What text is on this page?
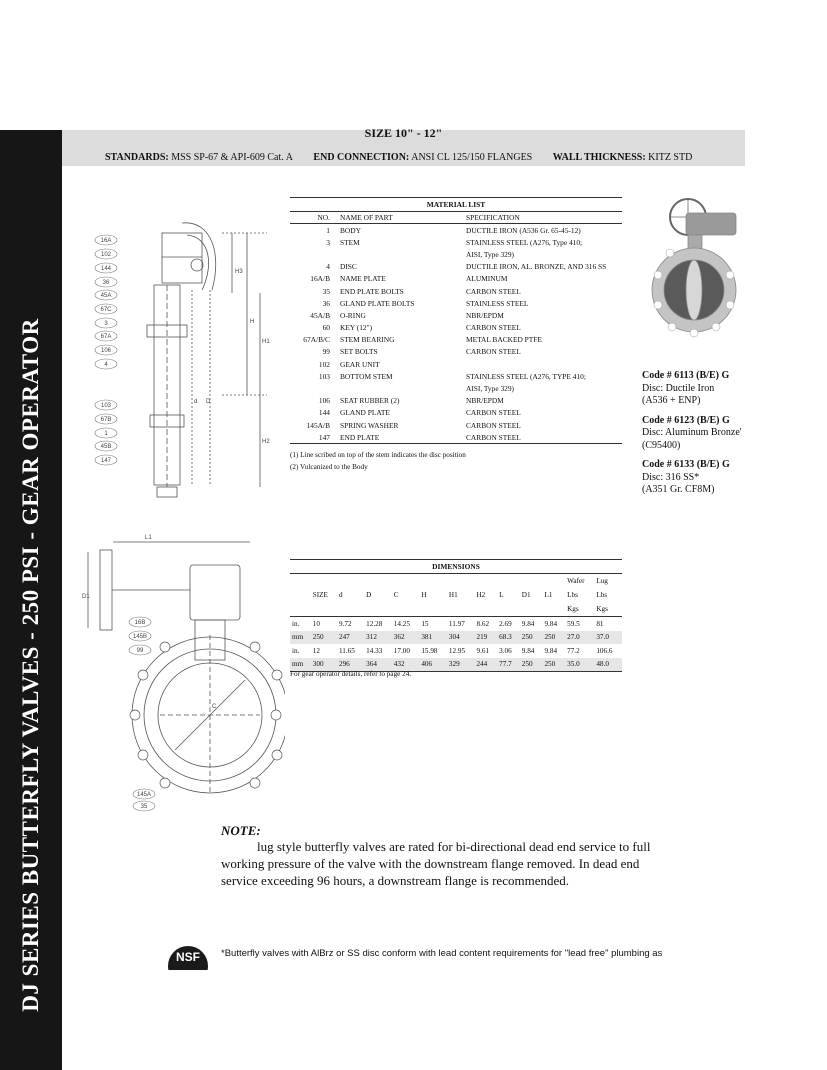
DJ SERIES BUTTERFLY VALVES - 250 PSI - GEAR OPERATOR
SIZE 10" - 12"
STANDARDS: MSS SP-67 & API-609 Cat. A END CONNECTION: ANSI CL 125/150 FLANGES WALL THICKNESS: KITZ STD
16A
102
144
36
45A
67C
3
67A
106
4
103
67B
1
45B
147
H3
H
H1
H2
d D
MATERIAL LIST
NO.	NAME OF PART	SPECIFICATION
1	BODY	DUCTILE IRON (A536 Gr. 65-45-12)
3	STEM	STAINLESS STEEL (A276, Type 410;
		AISI, Type 329)
4	DISC	DUCTILE IRON, AL. BRONZE, AND 316 SS
16A/B	NAME PLATE	ALUMINUM
35	END PLATE BOLTS	CARBON STEEL
36	GLAND PLATE BOLTS	STAINLESS STEEL
45A/B	O-RING	NBR/EPDM
60	KEY (12")	CARBON STEEL
67A/B/C	STEM BEARING	METAL BACKED PTFE
99	SET BOLTS	CARBON STEEL
102	GEAR UNIT	
103	BOTTOM STEM	STAINLESS STEEL (A276, TYPE 410;
		AISI, Type 329)
106	SEAT RUBBER (2)	NBR/EPDM
144	GLAND PLATE	CARBON STEEL
145A/B	SPRING WASHER	CARBON STEEL
147	END PLATE	CARBON STEEL
(1) Line scribed on top of the stem indicates the disc position
(2) Vulcanized to the Body
Code # 6113 (B/E) G
Disc: Ductile Iron
(A536 + ENP)
Code # 6123 (B/E) G
Disc: Aluminum Bronze'
(C95400)
Code # 6133 (B/E) G
Disc: 316 SS*
(A351 Gr. CF8M)
16B
145B
99
145A
35
L1
D1
C
DIMENSIONS
											Wafer	Lug
	SIZE	d	D	C	H	H1	H2	L	D1	L1	Lbs	Lbs
											Kgs	Kgs
in.	10	9.72	12.28	14.25	15	11.97	8.62	2.69	9.84	9.84	59.5	81
mm	250	247	312	362	381	304	219	68.3	250	250	27.0	37.0
in.	12	11.65	14.33	17.00	15.98	12.95	9.61	3.06	9.84	9.84	77.2	106.6
mm	300	296	364	432	406	329	244	77.7	250	250	35.0	48.0
For gear operator details, refer to page 24.
NOTE:
lug style butterfly valves are rated for bi-directional dead end service to full working pressure of the valve with the downstream flange removed. In dead end service exceeding 96 hours, a downstream flange is recommended.
NSF *Butterfly valves with AlBrz or SS disc conform with lead content requirements for "lead free" plumbing as
